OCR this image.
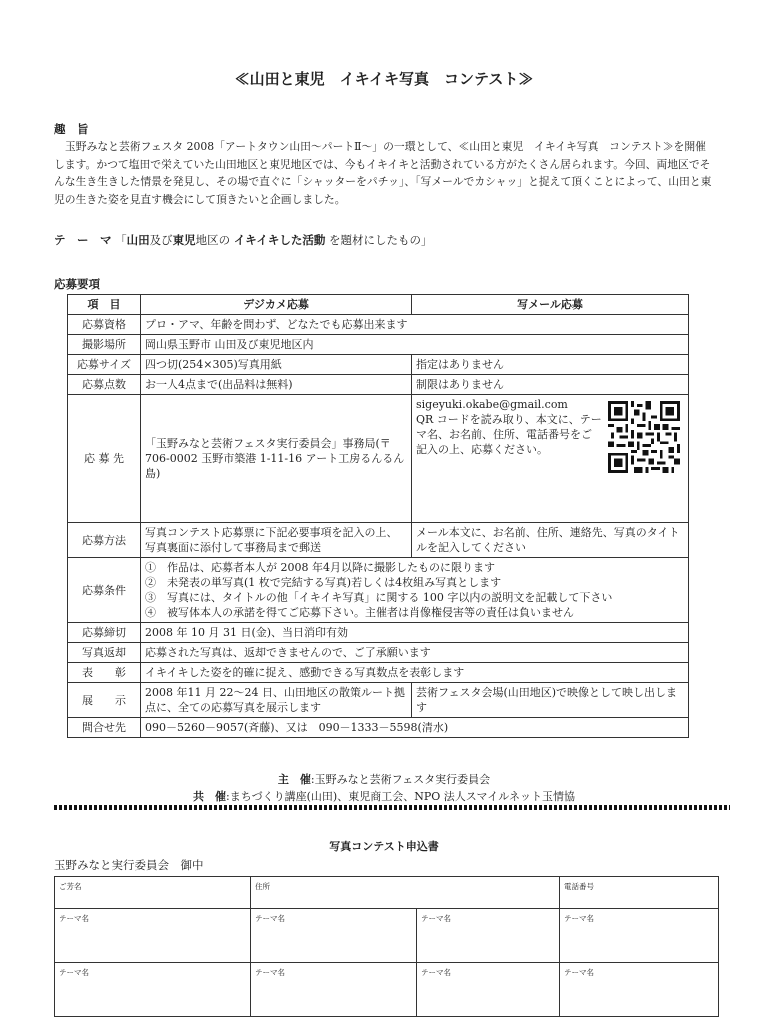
≪山田と東児　イキイキ写真　コンテスト≫
趣　旨
玉野みなと芸術フェスタ 2008「アートタウン山田～パートⅡ～」の一環として、≪山田と東児　イキイキ写真　コンテスト≫を開催します。かつて塩田で栄えていた山田地区と東児地区では、今もイキイキと活動されている方がたくさん居られます。今回、両地区でそんな生き生きした情景を発見し、その場で直ぐに「シャッターをパチッ」、「写メールでカシャッ」と捉えて頂くことによって、山田と東児の生きた姿を見直す機会にして頂きたいと企画しました。
テ　ー　マ 「山田及び東児地区の イキイキした活動 を題材にしたもの」
応募要項
項　目	デジカメ応募	写メール応募
応募資格	プロ・アマ、年齢を問わず、どなたでも応募出来ます	
撮影場所	岡山県玉野市 山田及び東児地区内	
応募サイズ	四つ切(254×305)写真用紙	指定はありません
応募点数	お一人4点まで(出品料は無料)	制限はありません
応 募 先	「玉野みなと芸術フェスタ実行委員会」事務局(〒706-0002 玉野市築港 1-11-16 アート工房るんるん島)	sigeyuki.okabe@gmail.com
QR コードを読み取り、本文に、テーマ名、お名前、住所、電話番号をご記入の上、応募ください。

応募方法	写真コンテスト応募票に下記必要事項を記入の上、写真裏面に添付して事務局まで郵送	メール本文に、お名前、住所、連絡先、写真のタイトルを記入してください
応募条件	①　作品は、応募者本人が 2008 年4月以降に撮影したものに限ります
②　未発表の単写真(1 枚で完結する写真)若しくは4枚組み写真とします
③　写真には、タイトルの他「イキイキ写真」に関する 100 字以内の説明文を記載して下さい
④　被写体本人の承諾を得てご応募下さい。主催者は肖像権侵害等の責任は負いません	

応募締切	2008 年 10 月 31 日(金)、当日消印有効	
写真返却	応募された写真は、返却できませんので、ご了承願います	
表　　彰	イキイキした姿を的確に捉え、感動できる写真数点を表彰します	
展　　示	2008 年11 月 22～24 日、山田地区の散策ルート拠点に、全ての応募写真を展示します	芸術フェスタ会場(山田地区)で映像として映し出します
問合せ先	090－5260－9057(斉藤)、又は　090－1333－5598(清水)	
主　催:玉野みなと芸術フェスタ実行委員会
共　催:まちづくり講座(山田)、東児商工会、NPO 法人スマイルネット玉情協
写真コンテスト申込書
玉野みなと実行委員会　御中
ご芳名	住所		電話番号
テーマ名	テーマ名	テーマ名	テーマ名
テーマ名	テーマ名	テーマ名	テーマ名
